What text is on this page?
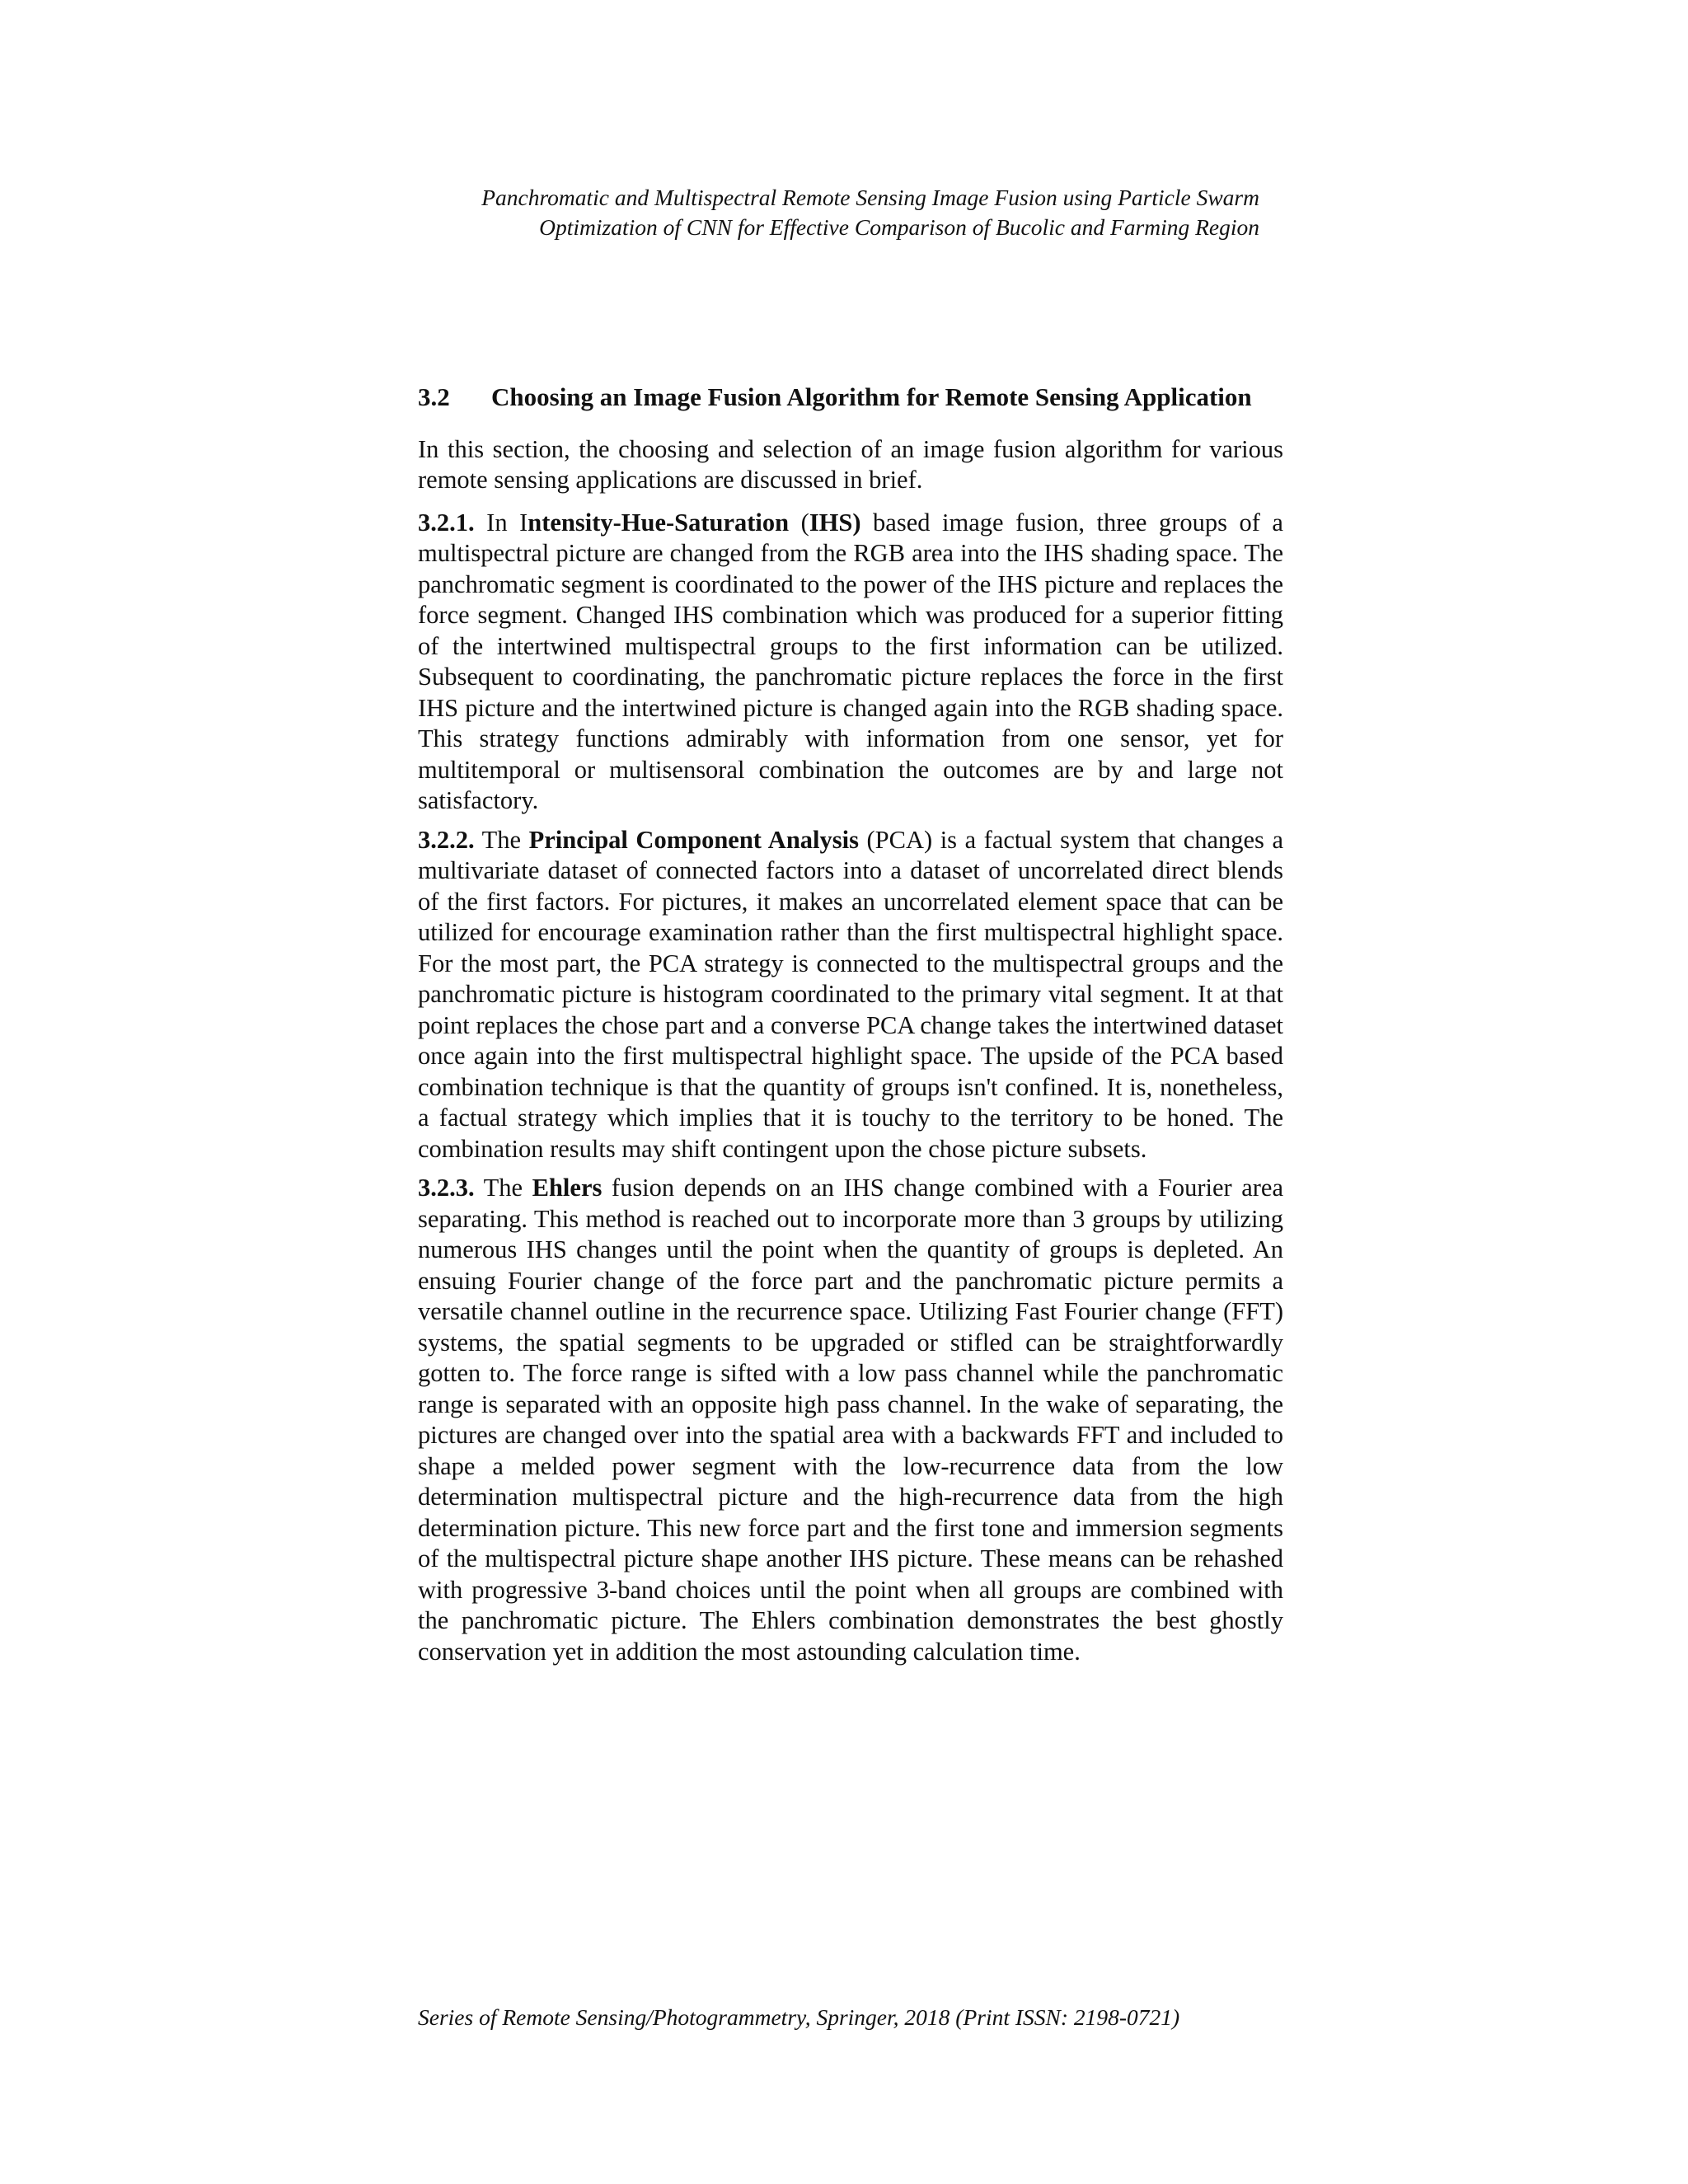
Panchromatic and Multispectral Remote Sensing Image Fusion using Particle Swarm
Optimization of CNN for Effective Comparison of Bucolic and Farming Region
3.2	Choosing an Image Fusion Algorithm for Remote Sensing Application

In this section, the choosing and selection of an image fusion algorithm for various remote sensing applications are discussed in brief.

3.2.1. In Intensity-Hue-Saturation (IHS) based image fusion, three groups of a multispectral picture are changed from the RGB area into the IHS shading space. The panchromatic segment is coordinated to the power of the IHS picture and replaces the force segment. Changed IHS combination which was produced for a superior fitting of the intertwined multispectral groups to the first information can be utilized. Subsequent to coordinating, the panchromatic picture replaces the force in the first IHS picture and the intertwined picture is changed again into the RGB shading space. This strategy functions admirably with information from one sensor, yet for multitemporal or multisensoral combination the outcomes are by and large not satisfactory.

3.2.2. The Principal Component Analysis (PCA) is a factual system that changes a multivariate dataset of connected factors into a dataset of uncorrelated direct blends of the first factors. For pictures, it makes an uncorrelated element space that can be utilized for encourage examination rather than the first multispectral highlight space. For the most part, the PCA strategy is connected to the multispectral groups and the panchromatic picture is histogram coordinated to the primary vital segment. It at that point replaces the chose part and a converse PCA change takes the intertwined dataset once again into the first multispectral highlight space. The upside of the PCA based combination technique is that the quantity of groups isn't confined. It is, nonetheless, a factual strategy which implies that it is touchy to the territory to be honed. The combination results may shift contingent upon the chose picture subsets.

3.2.3. The Ehlers fusion depends on an IHS change combined with a Fourier area separating. This method is reached out to incorporate more than 3 groups by utilizing numerous IHS changes until the point when the quantity of groups is depleted. An ensuing Fourier change of the force part and the panchromatic picture permits a versatile channel outline in the recurrence space. Utilizing Fast Fourier change (FFT) systems, the spatial segments to be upgraded or stifled can be straightforwardly gotten to. The force range is sifted with a low pass channel while the panchromatic range is separated with an opposite high pass channel. In the wake of separating, the pictures are changed over into the spatial area with a backwards FFT and included to shape a melded power segment with the low-recurrence data from the low determination multispectral picture and the high-recurrence data from the high determination picture. This new force part and the first tone and immersion segments of the multispectral picture shape another IHS picture. These means can be rehashed with progressive 3-band choices until the point when all groups are combined with the panchromatic picture. The Ehlers combination demonstrates the best ghostly conservation yet in addition the most astounding calculation time.

Series of Remote Sensing/Photogrammetry, Springer, 2018 (Print ISSN: 2198-0721)
